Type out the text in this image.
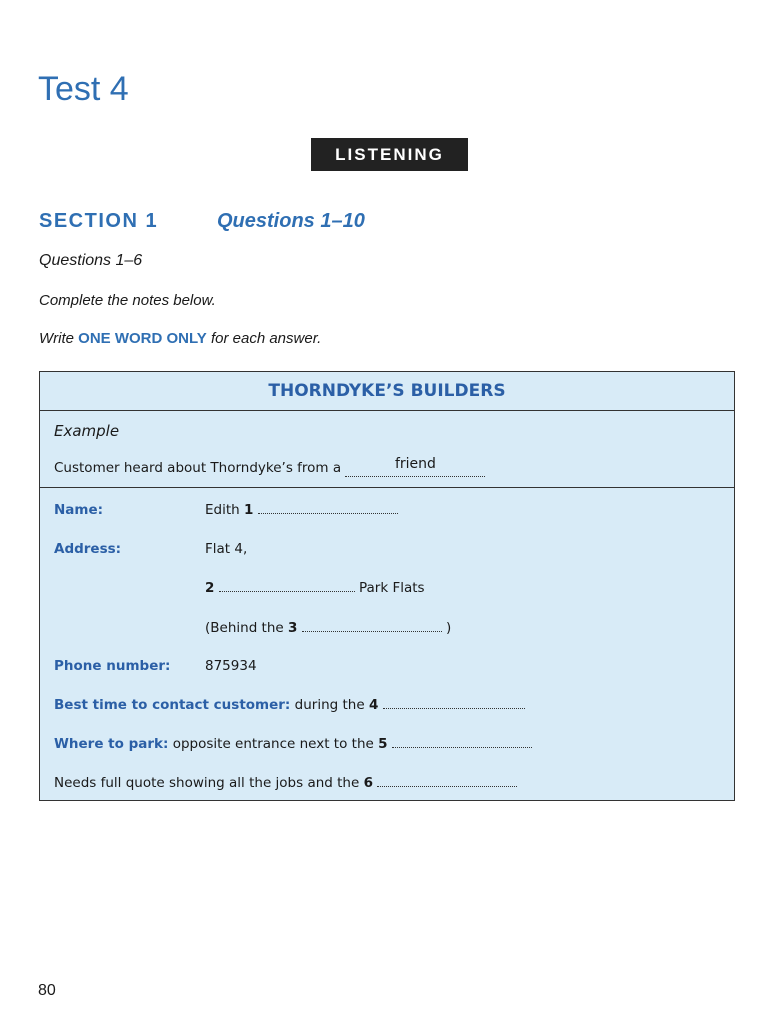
Test 4
LISTENING
SECTION 1	Questions 1–10
Questions 1–6
Complete the notes below.
Write ONE WORD ONLY for each answer.
THORNDYKE’S BUILDERS
Example
Customer heard about Thorndyke’s from a	friend
Name:	Edith 1
Address:	Flat 4,
2	Park Flats
(Behind the 3	)
Phone number:	875934
Best time to contact customer: during the 4
Where to park: opposite entrance next to the 5
Needs full quote showing all the jobs and the 6
80
